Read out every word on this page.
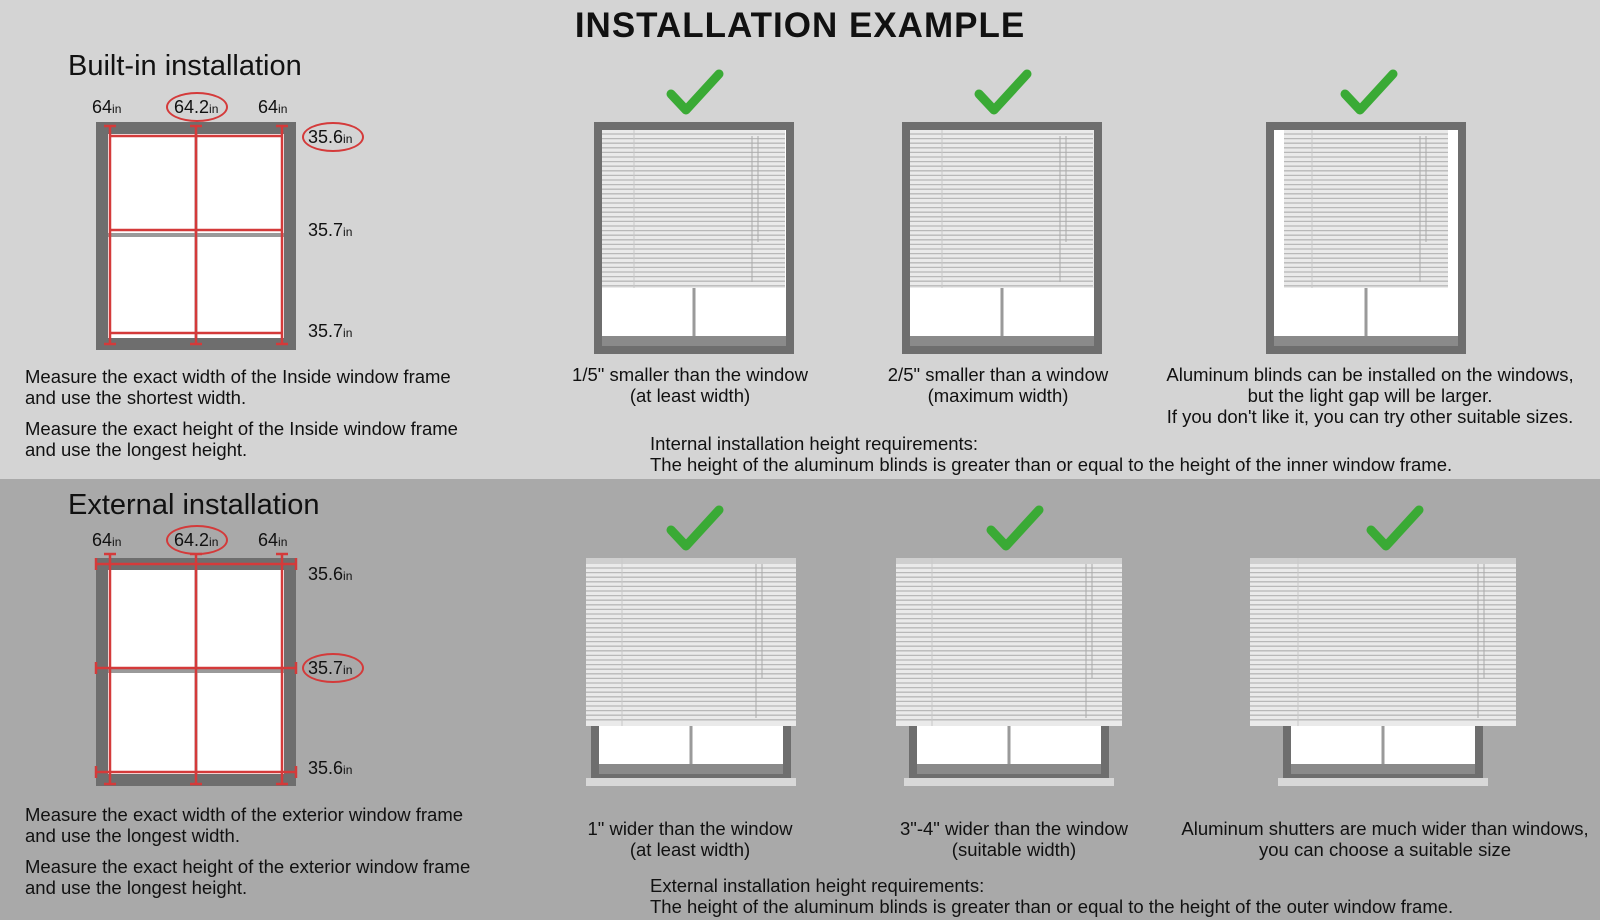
INSTALLATION EXAMPLE
Built-in installation
64in	64.2in 64in
35.6in
35.7in
35.7in
Measure the exact width of the Inside window frame
and use the shortest width.
Measure the exact height of the Inside window frame
and use the longest height.
1/5" smaller than the window
(at least width)
2/5" smaller than a window
(maximum width)
Aluminum blinds can be installed on the windows,
but the light gap will be larger.
If you don't like it, you can try other suitable sizes.
Internal installation height requirements:
The height of the aluminum blinds is greater than or equal to the height of the inner window frame.
External installation
64in	64.2in 64in
35.6in
35.7in
35.6in
Measure the exact width of the exterior window frame
and use the longest width.
Measure the exact height of the exterior window frame
and use the longest height.
1" wider than the window
(at least width)
3"-4" wider than the window
(suitable width)
Aluminum shutters are much wider than windows,
you can choose a suitable size
External installation height requirements:
The height of the aluminum blinds is greater than or equal to the height of the outer window frame.
